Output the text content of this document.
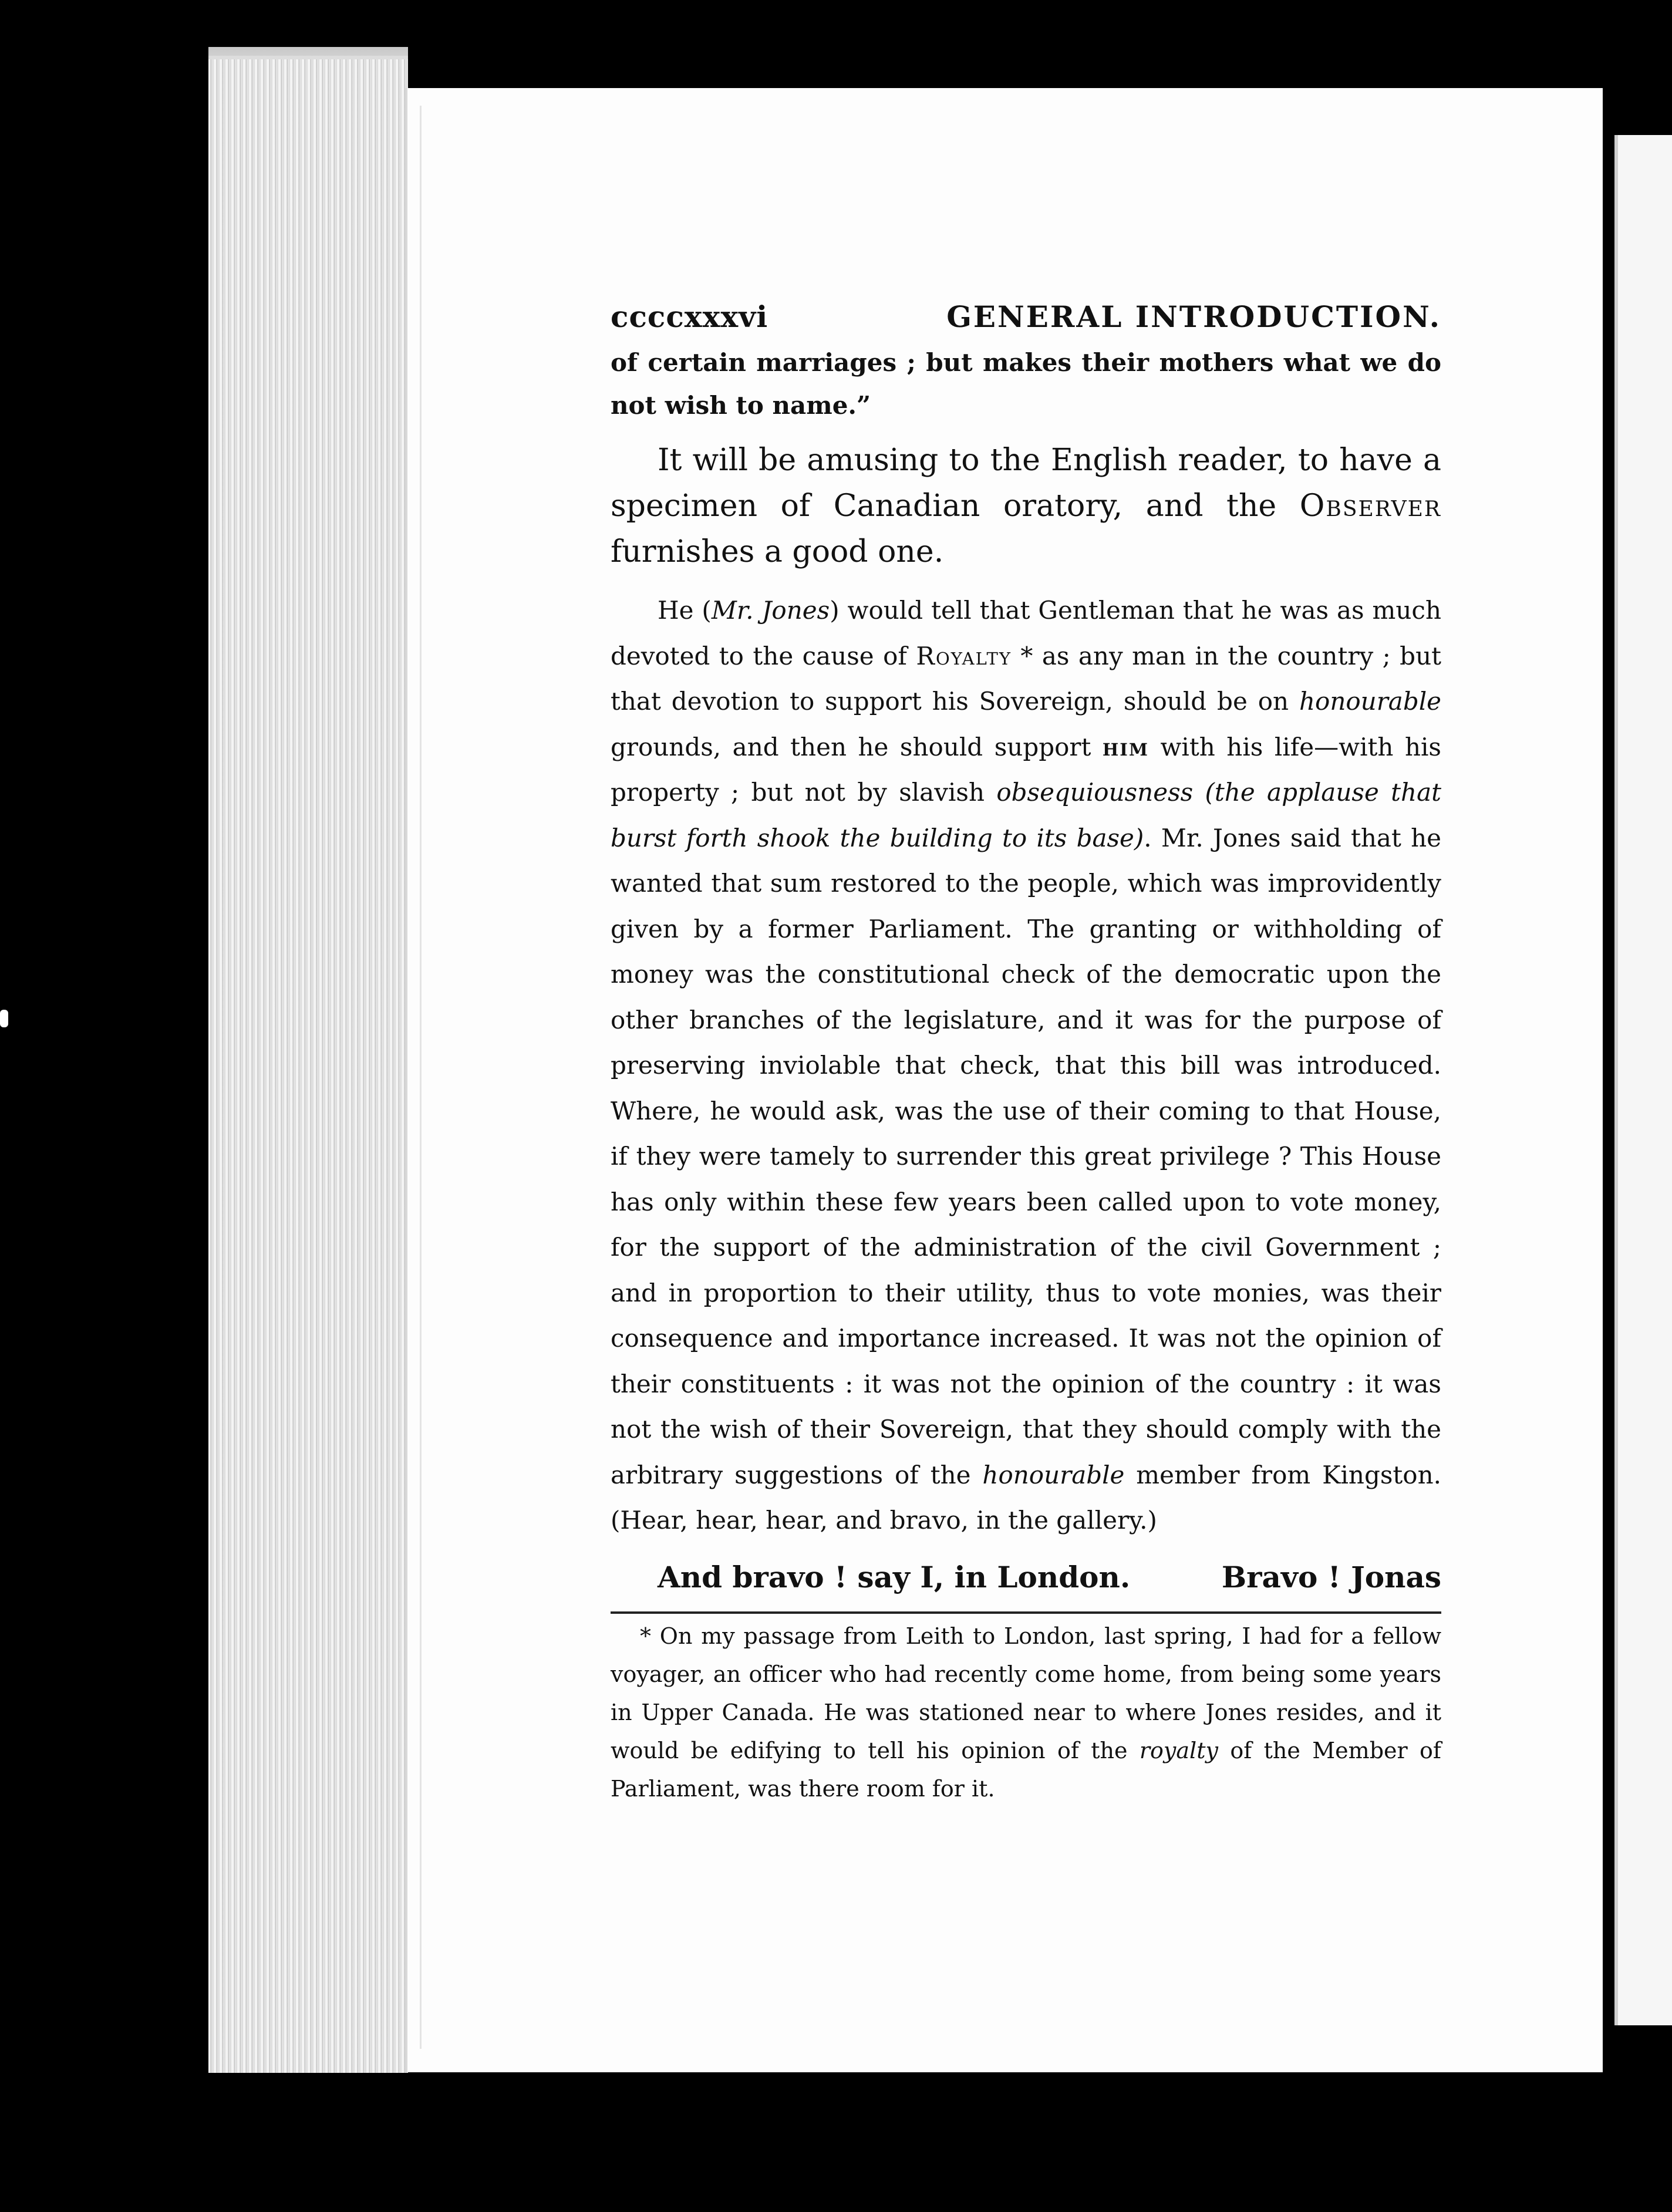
ccccxxxvi	GENERAL INTRODUCTION.

of certain marriages ; but makes their mothers what we do not wish to name.”

It will be amusing to the English reader, to have a specimen of Canadian oratory, and the Observer furnishes a good one.

He (Mr. Jones) would tell that Gentleman that he was as much devoted to the cause of Royalty * as any man in the country ; but that devotion to support his Sovereign, should be on honourable grounds, and then he should support him with his life—with his property ; but not by slavish obsequiousness (the applause that burst forth shook the building to its base). Mr. Jones said that he wanted that sum restored to the people, which was improvidently given by a former Parliament. The granting or withholding of money was the constitutional check of the democratic upon the other branches of the legislature, and it was for the purpose of preserving inviolable that check, that this bill was introduced. Where, he would ask, was the use of their coming to that House, if they were tamely to surrender this great privilege ? This House has only within these few years been called upon to vote money, for the support of the administration of the civil Government ; and in proportion to their utility, thus to vote monies, was their consequence and importance increased. It was not the opinion of their constituents : it was not the opinion of the country : it was not the wish of their Sovereign, that they should comply with the arbitrary suggestions of the honourable member from Kingston. (Hear, hear, hear, and bravo, in the gallery.)

And bravo ! say I, in London.	Bravo ! Jonas

* On my passage from Leith to London, last spring, I had for a fellow voyager, an officer who had recently come home, from being some years in Upper Canada. He was stationed near to where Jones resides, and it would be edifying to tell his opinion of the royalty of the Member of Parliament, was there room for it.
